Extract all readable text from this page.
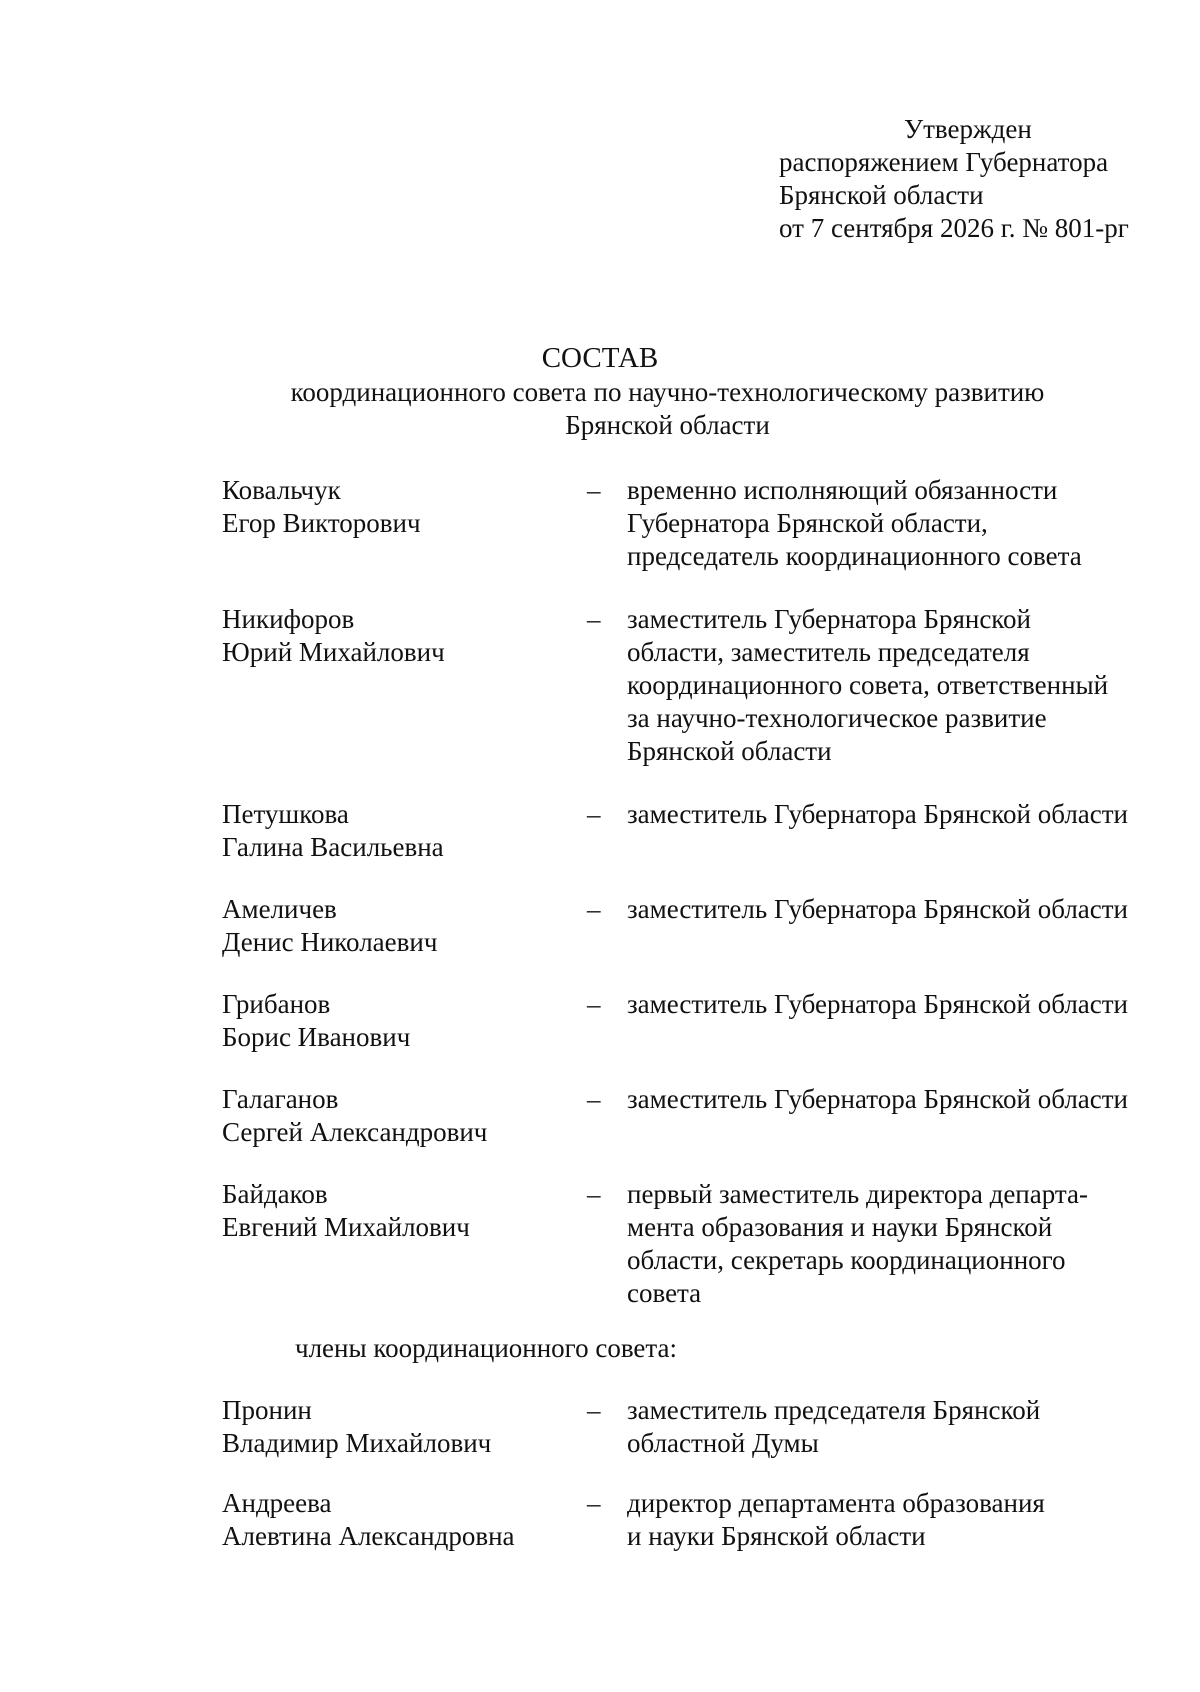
Утвержден
распоряжением Губернатора
Брянской области
от 7 сентября 2026 г. № 801-рг
СОСТАВ
координационного совета по научно-технологическому развитию
Брянской области
Ковальчук
Егор Викторович
– временно исполняющий обязанности
Губернатора Брянской области,
председатель координационного совета
Никифоров
Юрий Михайлович
– заместитель Губернатора Брянской
области, заместитель председателя
координационного совета, ответственный
за научно-технологическое развитие
Брянской области
Петушкова
Галина Васильевна
– заместитель Губернатора Брянской области
Амеличев
Денис Николаевич
– заместитель Губернатора Брянской области
Грибанов
Борис Иванович
– заместитель Губернатора Брянской области
Галаганов
Сергей Александрович
– заместитель Губернатора Брянской области
Байдаков
Евгений Михайлович
– первый заместитель директора департа-
мента образования и науки Брянской
области, секретарь координационного
совета
члены координационного совета:
Пронин
Владимир Михайлович
– заместитель председателя Брянской
областной Думы
Андреева
Алевтина Александровна
– директор департамента образования
и науки Брянской области
